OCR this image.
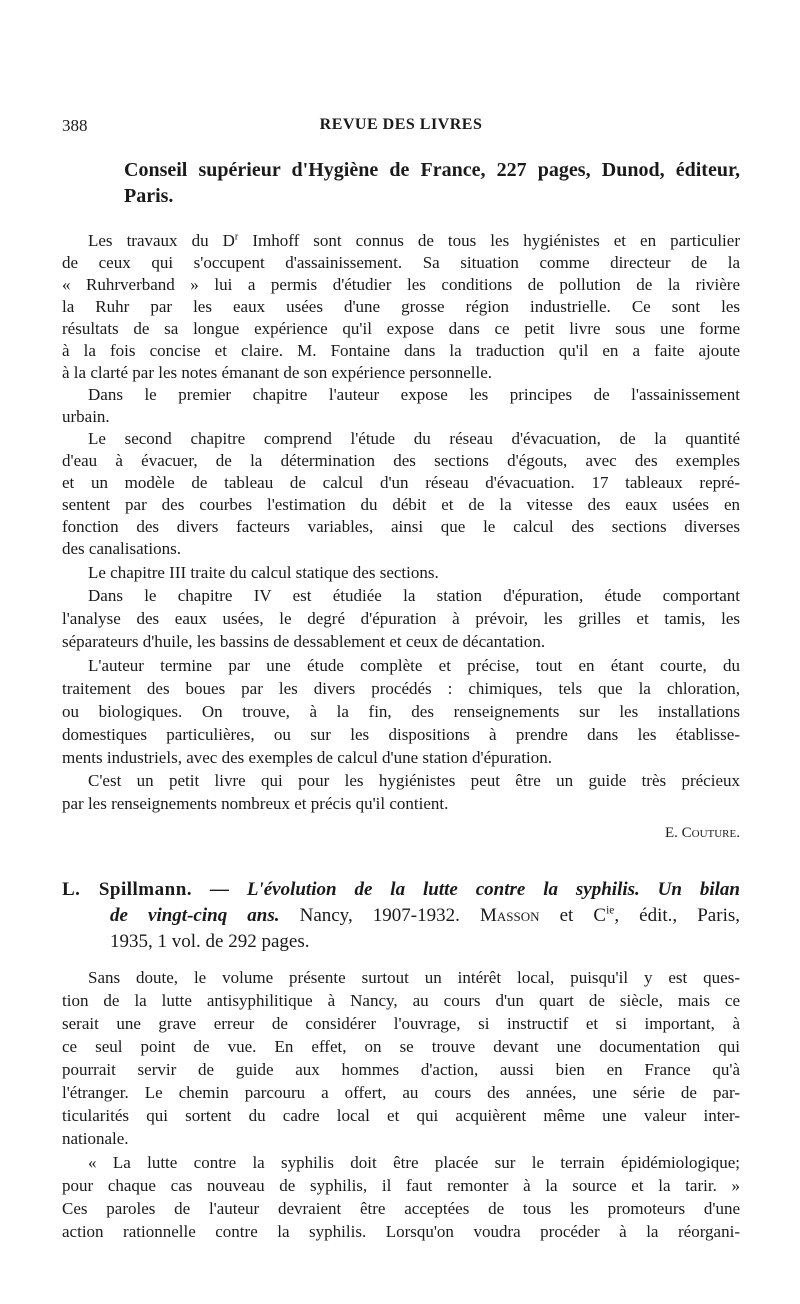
388	REVUE DES LIVRES
Conseil supérieur d'Hygiène de France, 227 pages, Dunod, éditeur,
Paris.
Les travaux du $D^r$ Imhoff sont connus de tous les hygiénistes et en particulier
de ceux qui s'occupent d'assainissement. Sa situation comme directeur de la
« Ruhrverband » lui a permis d'étudier les conditions de pollution de la rivière
la Ruhr par les eaux usées d'une grosse région industrielle. Ce sont les
résultats de sa longue expérience qu'il expose dans ce petit livre sous une forme
à la fois concise et claire. M. Fontaine dans la traduction qu'il en a faite ajoute
à la clarté par les notes émanant de son expérience personnelle.
Dans le premier chapitre l'auteur expose les principes de l'assainissement
urbain.
Le second chapitre comprend l'étude du réseau d'évacuation, de la quantité
d'eau à évacuer, de la détermination des sections d'égouts, avec des exemples
et un modèle de tableau de calcul d'un réseau d'évacuation. 17 tableaux repré-
sentent par des courbes l'estimation du débit et de la vitesse des eaux usées en
fonction des divers facteurs variables, ainsi que le calcul des sections diverses
des canalisations.
Le chapitre III traite du calcul statique des sections.
Dans le chapitre IV est étudiée la station d'épuration, étude comportant
l'analyse des eaux usées, le degré d'épuration à prévoir, les grilles et tamis, les
séparateurs d'huile, les bassins de dessablement et ceux de décantation.
L'auteur termine par une étude complète et précise, tout en étant courte, du
traitement des boues par les divers procédés : chimiques, tels que la chloration,
ou biologiques. On trouve, à la fin, des renseignements sur les installations
domestiques particulières, ou sur les dispositions à prendre dans les établisse-
ments industriels, avec des exemples de calcul d'une station d'épuration.
C'est un petit livre qui pour les hygiénistes peut être un guide très précieux
par les renseignements nombreux et précis qu'il contient.
E. Couture.
L. Spillmann. — L'évolution de la lutte contre la syphilis. Un bilan
de vingt-cinq ans. Nancy, 1907-1932. Masson et $C^{ie}$, édit., Paris,
1935, 1 vol. de 292 pages.
Sans doute, le volume présente surtout un intérêt local, puisqu'il y est ques-
tion de la lutte antisyphilitique à Nancy, au cours d'un quart de siècle, mais ce
serait une grave erreur de considérer l'ouvrage, si instructif et si important, à
ce seul point de vue. En effet, on se trouve devant une documentation qui
pourrait servir de guide aux hommes d'action, aussi bien en France qu'à
l'étranger. Le chemin parcouru a offert, au cours des années, une série de par-
ticularités qui sortent du cadre local et qui acquièrent même une valeur inter-
nationale.
« La lutte contre la syphilis doit être placée sur le terrain épidémiologique;
pour chaque cas nouveau de syphilis, il faut remonter à la source et la tarir. »
Ces paroles de l'auteur devraient être acceptées de tous les promoteurs d'une
action rationnelle contre la syphilis. Lorsqu'on voudra procéder à la réorgani-
